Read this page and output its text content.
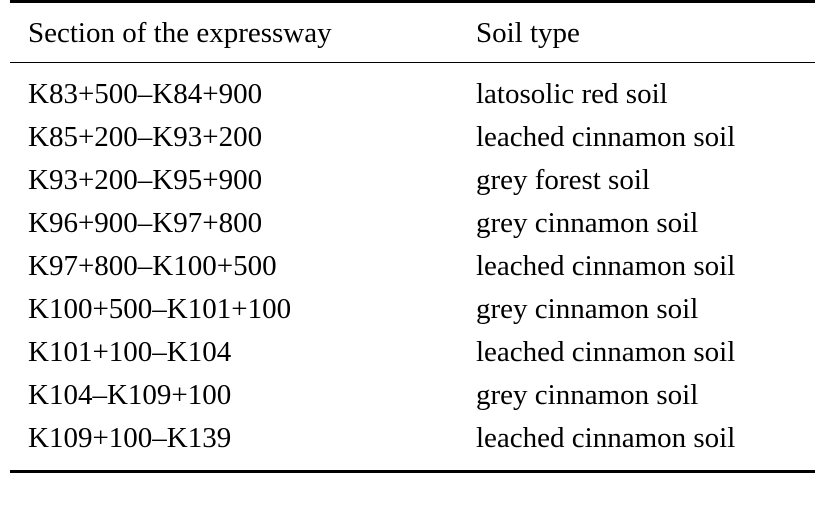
Section of the expressway	Soil type

K83+500–K84+900	latosolic red soil
K85+200–K93+200	leached cinnamon soil
K93+200–K95+900	grey forest soil
K96+900–K97+800	grey cinnamon soil
K97+800–K100+500	leached cinnamon soil
K100+500–K101+100	grey cinnamon soil
K101+100–K104	leached cinnamon soil
K104–K109+100	grey cinnamon soil
K109+100–K139	leached cinnamon soil
